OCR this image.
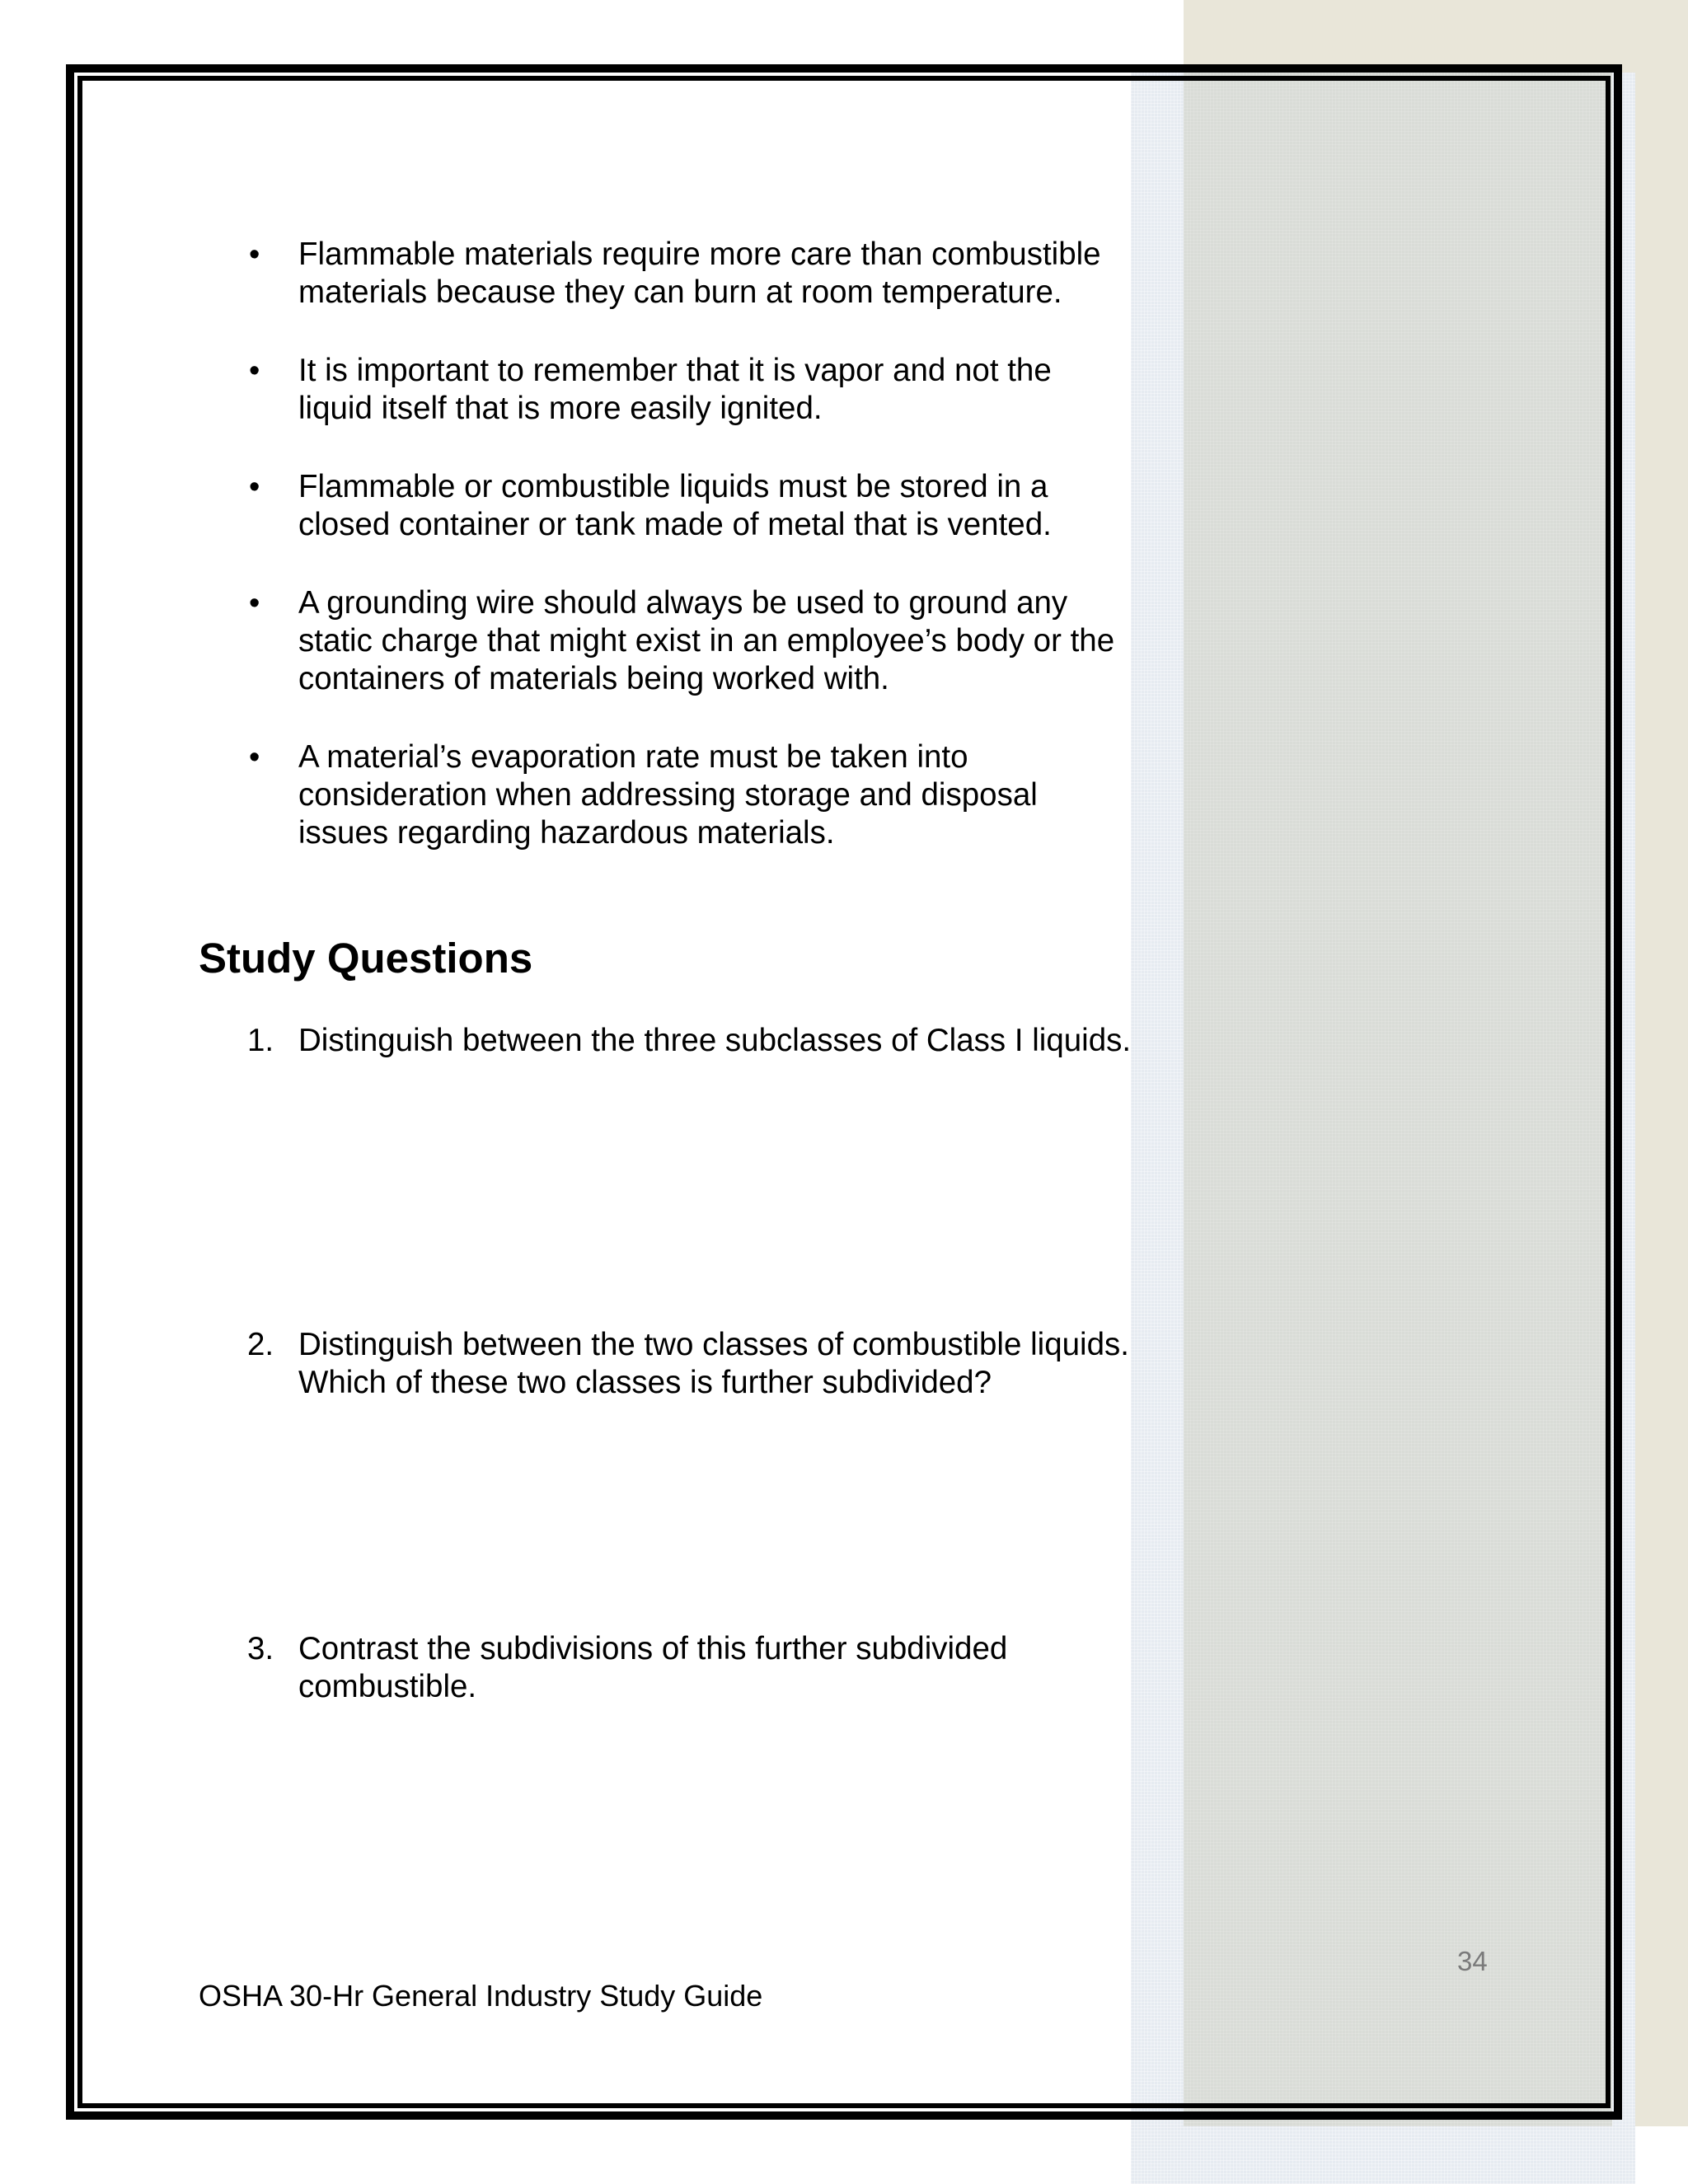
• Flammable materials require more care than combustible materials because they can burn at room temperature.
• It is important to remember that it is vapor and not the liquid itself that is more easily ignited.
• Flammable or combustible liquids must be stored in a closed container or tank made of metal that is vented.
• A grounding wire should always be used to ground any static charge that might exist in an employee’s body or the containers of materials being worked with.
• A material’s evaporation rate must be taken into consideration when addressing storage and disposal issues regarding hazardous materials.
Study Questions
1. Distinguish between the three subclasses of Class I liquids.
2. Distinguish between the two classes of combustible liquids. Which of these two classes is further subdivided?
3. Contrast the subdivisions of this further subdivided combustible.
34
OSHA 30-Hr General Industry Study Guide
